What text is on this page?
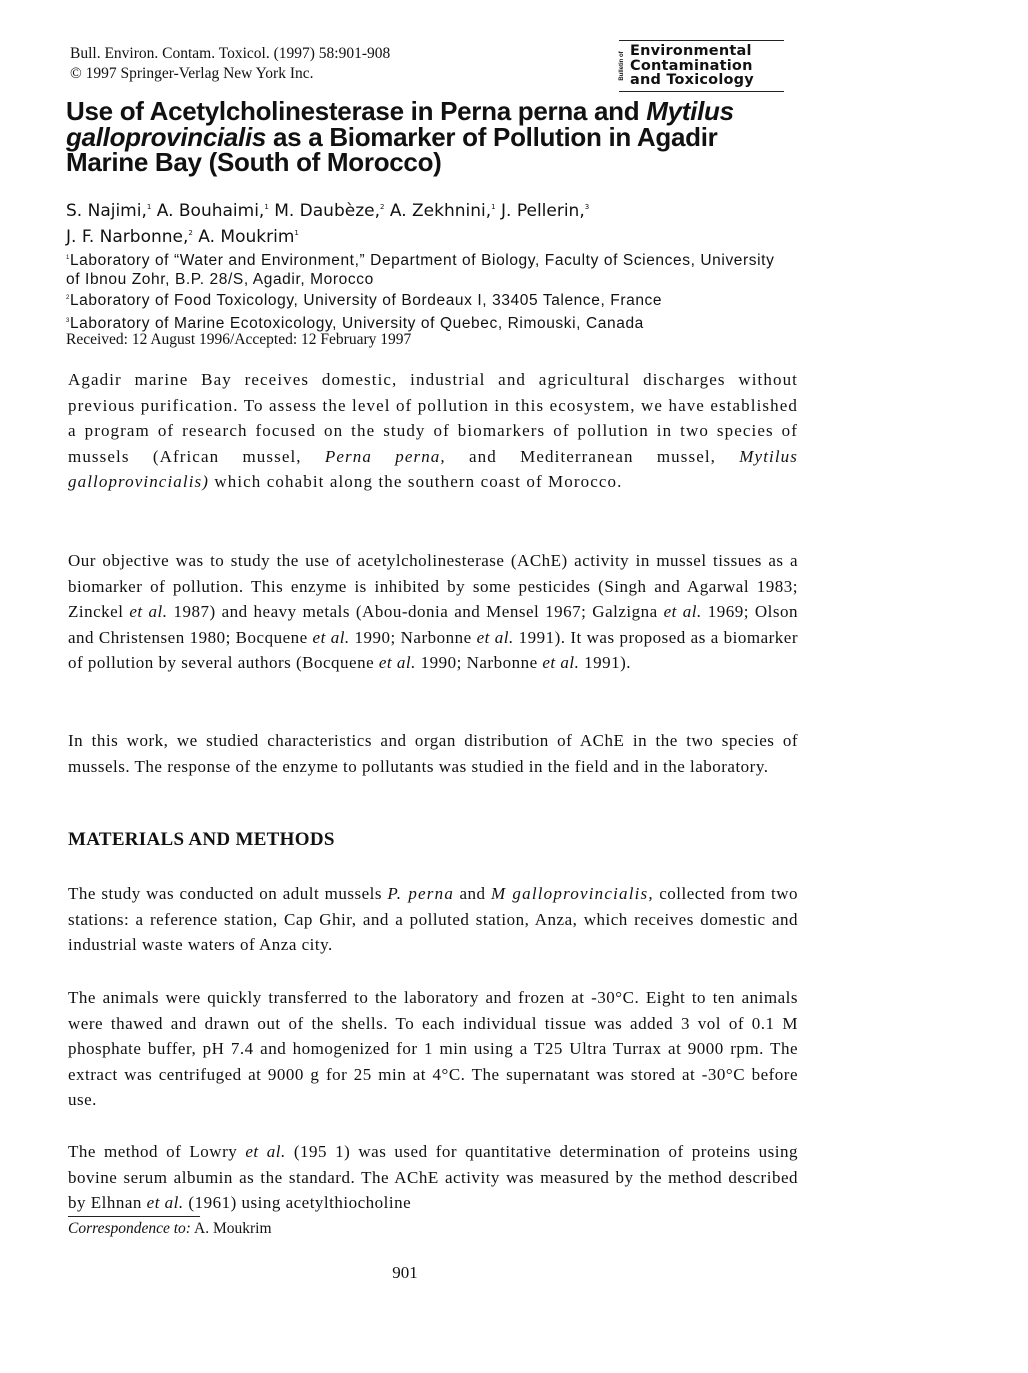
Bull. Environ. Contam. Toxicol. (1997) 58:901-908
© 1997 Springer-Verlag New York Inc.	Bulletin of
Environmental
Contamination
and Toxicology
Use of Acetylcholinesterase in Perna perna and Mytilus galloprovincialis as a Biomarker of Pollution in Agadir Marine Bay (South of Morocco)
S. Najimi,$^1$ A. Bouhaimi,$^1$ M. Daubèze,$^2$ A. Zekhnini,$^1$ J. Pellerin,$^3$
J. F. Narbonne,$^2$ A. Moukrim$^1$
$^1$Laboratory of “Water and Environment,” Department of Biology, Faculty of Sciences, University of Ibnou Zohr, B.P. 28/S, Agadir, Morocco
$^2$Laboratory of Food Toxicology, University of Bordeaux I, 33405 Talence, France
$^3$Laboratory of Marine Ecotoxicology, University of Quebec, Rimouski, Canada
Received: 12 August 1996/Accepted: 12 February 1997
Agadir marine Bay receives domestic, industrial and agricultural discharges without previous purification. To assess the level of pollution in this ecosystem, we have established a program of research focused on the study of biomarkers of pollution in two species of mussels (African mussel, Perna perna, and Mediterranean mussel, Mytilus galloprovincialis) which cohabit along the southern coast of Morocco.
Our objective was to study the use of acetylcholinesterase (AChE) activity in mussel tissues as a biomarker of pollution. This enzyme is inhibited by some pesticides (Singh and Agarwal 1983; Zinckel et al. 1987) and heavy metals (Abou-donia and Mensel 1967; Galzigna et al. 1969; Olson and Christensen 1980; Bocquene et al. 1990; Narbonne et al. 1991). It was proposed as a biomarker of pollution by several authors (Bocquene et al. 1990; Narbonne et al. 1991).
In this work, we studied characteristics and organ distribution of AChE in the two species of mussels. The response of the enzyme to pollutants was studied in the field and in the laboratory.
MATERIALS AND METHODS
The study was conducted on adult mussels P. perna and M galloprovincialis, collected from two stations: a reference station, Cap Ghir, and a polluted station, Anza, which receives domestic and industrial waste waters of Anza city.
The animals were quickly transferred to the laboratory and frozen at -30°C. Eight to ten animals were thawed and drawn out of the shells. To each individual tissue was added 3 vol of 0.1 M phosphate buffer, pH 7.4 and homogenized for 1 min using a T25 Ultra Turrax at 9000 rpm. The extract was centrifuged at 9000 g for 25 min at 4°C. The supernatant was stored at -30°C before use.
The method of Lowry et al. (195 1) was used for quantitative determination of proteins using bovine serum albumin as the standard. The AChE activity was measured by the method described by Elhnan et al. (1961) using acetylthiocholine
Correspondence to: A. Moukrim
901
